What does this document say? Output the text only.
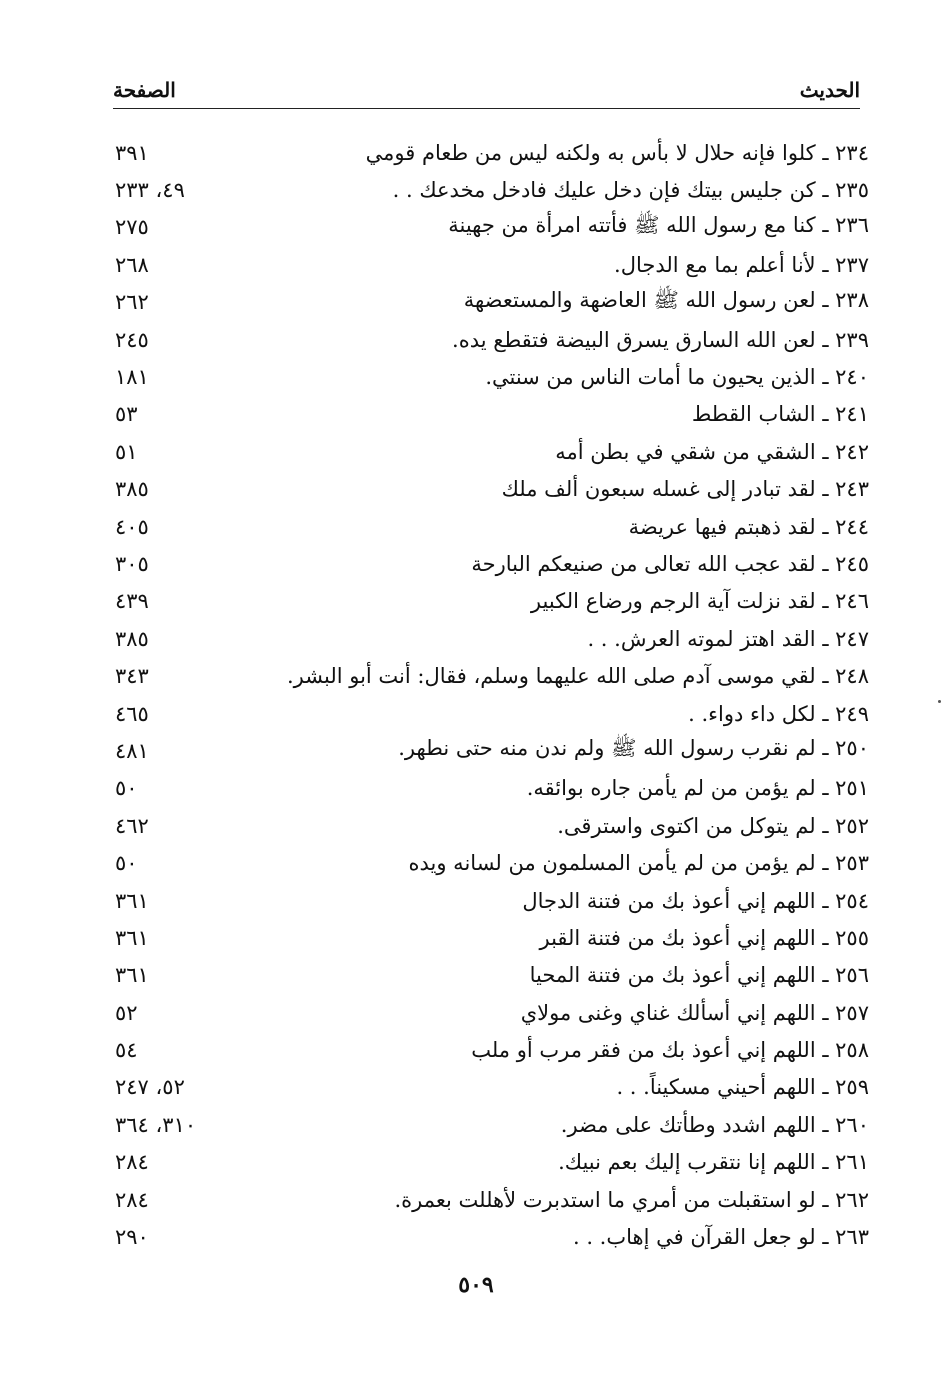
الصفحة	الحديث
٣٩١	٢٣٤ ـ كلوا فإنه حلال لا بأس به ولكنه ليس من طعام قومي
٤٩، ٢٣٣	٢٣٥ ـ كن جليس بيتك فإن دخل عليك فادخل مخدعك . .
٢٧٥	٢٣٦ ـ كنا مع رسول الله ﷺ فأتته امرأة من جهينة
٢٦٨	٢٣٧ ـ لأنا أعلم بما مع الدجال.
٢٦٢	٢٣٨ ـ لعن رسول الله ﷺ العاضهة والمستعضهة
٢٤٥	٢٣٩ ـ لعن الله السارق يسرق البيضة فتقطع يده.
١٨١	٢٤٠ ـ الذين يحيون ما أمات الناس من سنتي.
٥٣	٢٤١ ـ الشاب القطط
٥١	٢٤٢ ـ الشقي من شقي في بطن أمه
٣٨٥	٢٤٣ ـ لقد تبادر إلى غسله سبعون ألف ملك
٤٠٥	٢٤٤ ـ لقد ذهبتم فيها عريضة
٣٠٥	٢٤٥ ـ لقد عجب الله تعالى من صنيعكم البارحة
٤٣٩	٢٤٦ ـ لقد نزلت آية الرجم ورضاع الكبير
٣٨٥	٢٤٧ ـ القد اهتز لموته العرش. . .
٣٤٣	٢٤٨ ـ لقي موسى آدم صلى الله عليهما وسلم، فقال: أنت أبو البشر.
٤٦٥	٢٤٩ ـ لكل داء دواء. .
٤٨١	٢٥٠ ـ لم نقرب رسول الله ﷺ ولم ندن منه حتى نطهر.
٥٠	٢٥١ ـ لم يؤمن من لم يأمن جاره بوائقه.
٤٦٢	٢٥٢ ـ لم يتوكل من اكتوى واسترقى.
٥٠	٢٥٣ ـ لم يؤمن من لم يأمن المسلمون من لسانه ويده
٣٦١	٢٥٤ ـ اللهم إني أعوذ بك من فتنة الدجال
٣٦١	٢٥٥ ـ اللهم إني أعوذ بك من فتنة القبر
٣٦١	٢٥٦ ـ اللهم إني أعوذ بك من فتنة المحيا
٥٢	٢٥٧ ـ اللهم إني أسألك غناي وغنى مولاي
٥٤	٢٥٨ ـ اللهم إني أعوذ بك من فقر مرب أو ملب
٥٢، ٢٤٧	٢٥٩ ـ اللهم أحيني مسكيناً. . .
٣١٠، ٣٦٤	٢٦٠ ـ اللهم اشدد وطأتك على مضر.
٢٨٤	٢٦١ ـ اللهم إنا نتقرب إليك بعم نبيك.
٢٨٤	٢٦٢ ـ لو استقبلت من أمري ما استدبرت لأهللت بعمرة.
٢٩٠	٢٦٣ ـ لو جعل القرآن في إهاب. . .
٥٠٩
